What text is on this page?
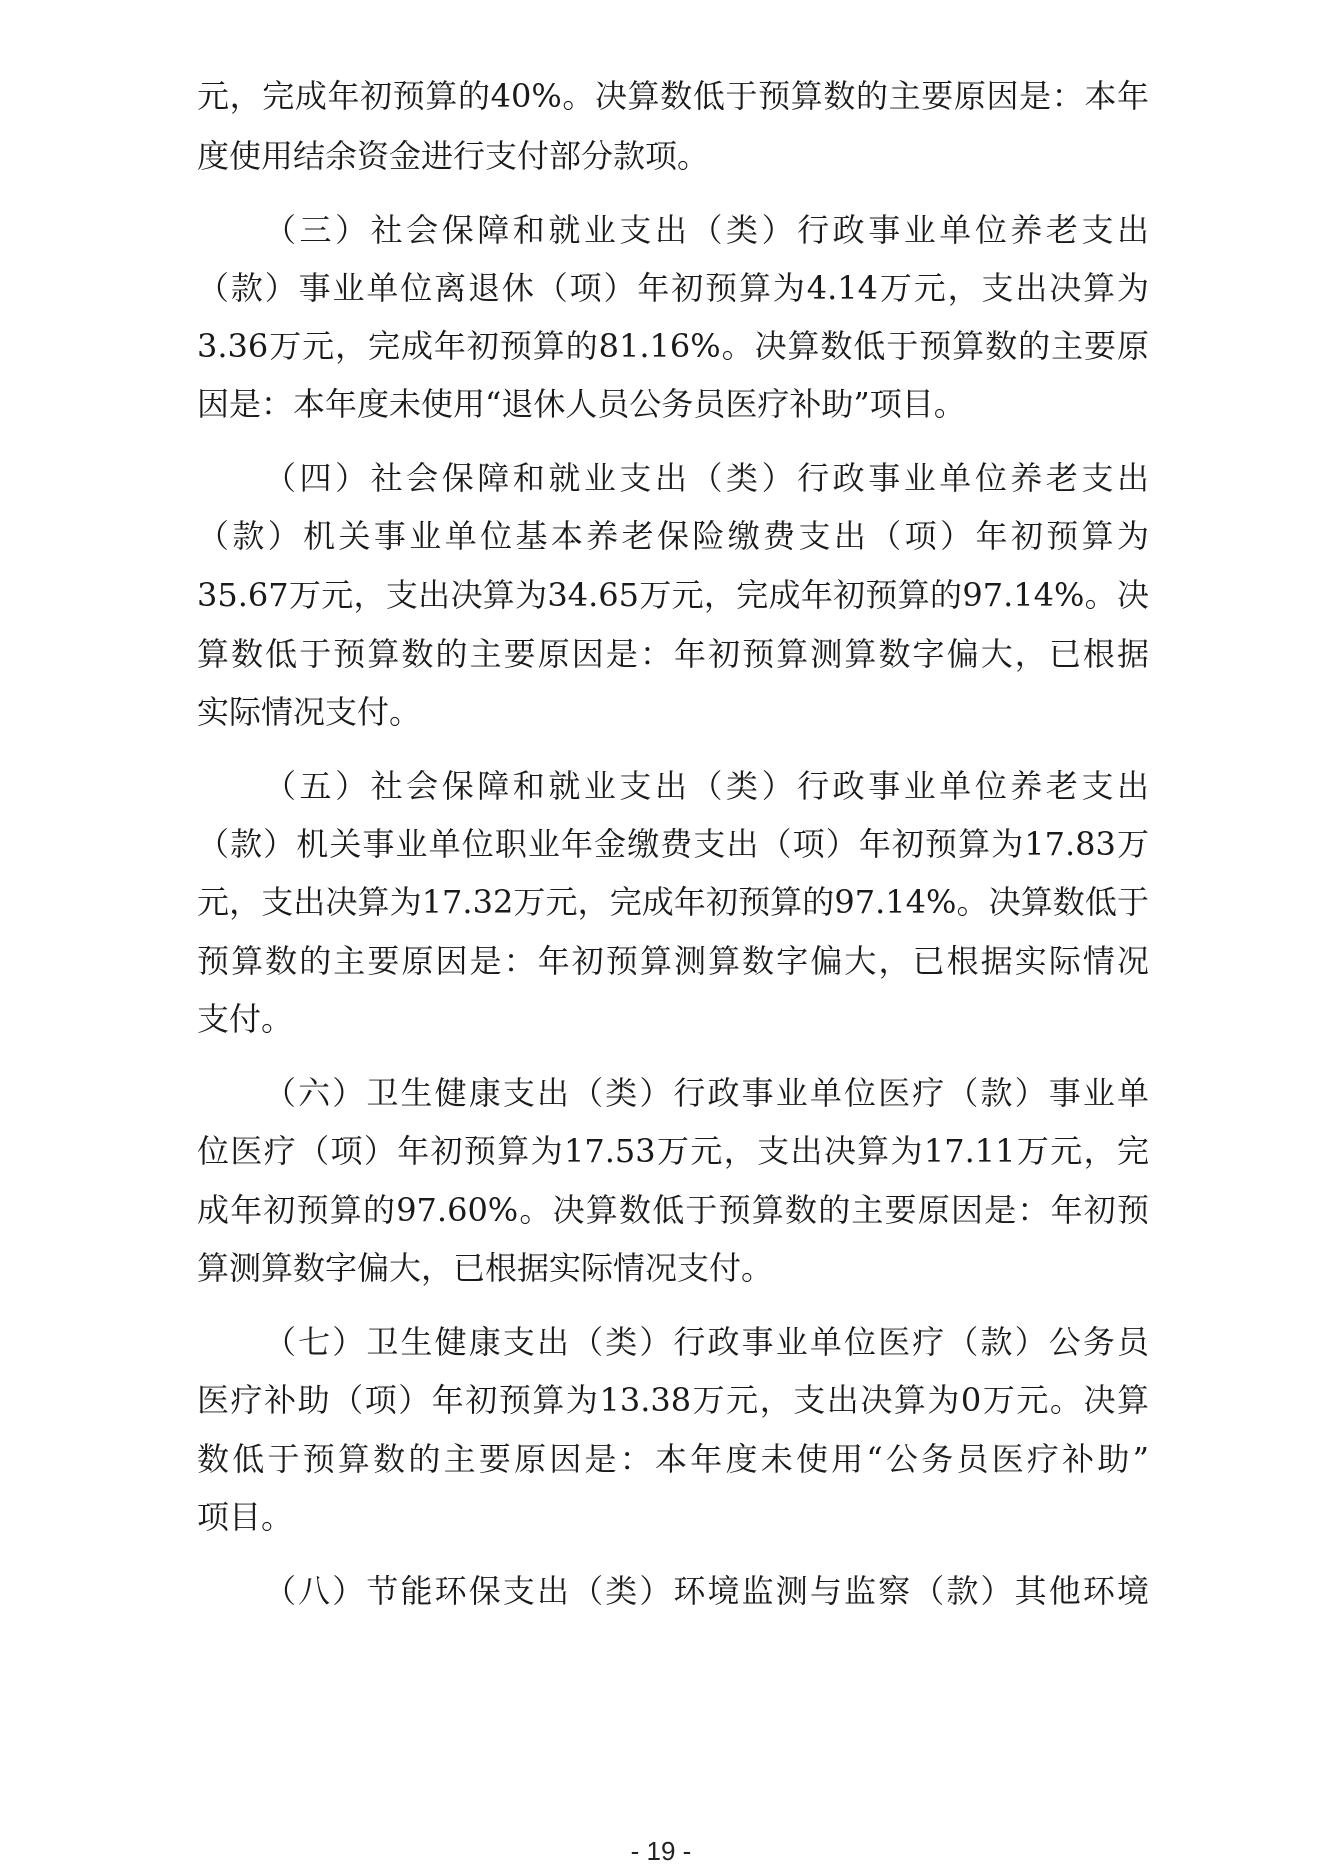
元，完成年初预算的40%。决算数低于预算数的主要原因是：本年
度使用结余资金进行支付部分款项。
（三）社会保障和就业支出（类）行政事业单位养老支出
（款）事业单位离退休（项）年初预算为4.14万元，支出决算为
3.36万元，完成年初预算的81.16%。决算数低于预算数的主要原
因是：本年度未使用“退休人员公务员医疗补助”项目。
（四）社会保障和就业支出（类）行政事业单位养老支出
（款）机关事业单位基本养老保险缴费支出（项）年初预算为
35.67万元，支出决算为34.65万元，完成年初预算的97.14%。决
算数低于预算数的主要原因是：年初预算测算数字偏大，已根据
实际情况支付。
（五）社会保障和就业支出（类）行政事业单位养老支出
（款）机关事业单位职业年金缴费支出（项）年初预算为17.83万
元，支出决算为17.32万元，完成年初预算的97.14%。决算数低于
预算数的主要原因是：年初预算测算数字偏大，已根据实际情况
支付。
（六）卫生健康支出（类）行政事业单位医疗（款）事业单
位医疗（项）年初预算为17.53万元，支出决算为17.11万元，完
成年初预算的97.60%。决算数低于预算数的主要原因是：年初预
算测算数字偏大，已根据实际情况支付。
（七）卫生健康支出（类）行政事业单位医疗（款）公务员
医疗补助（项）年初预算为13.38万元，支出决算为0万元。决算
数低于预算数的主要原因是：本年度未使用“公务员医疗补助”
项目。
（八）节能环保支出（类）环境监测与监察（款）其他环境
- 19 -
